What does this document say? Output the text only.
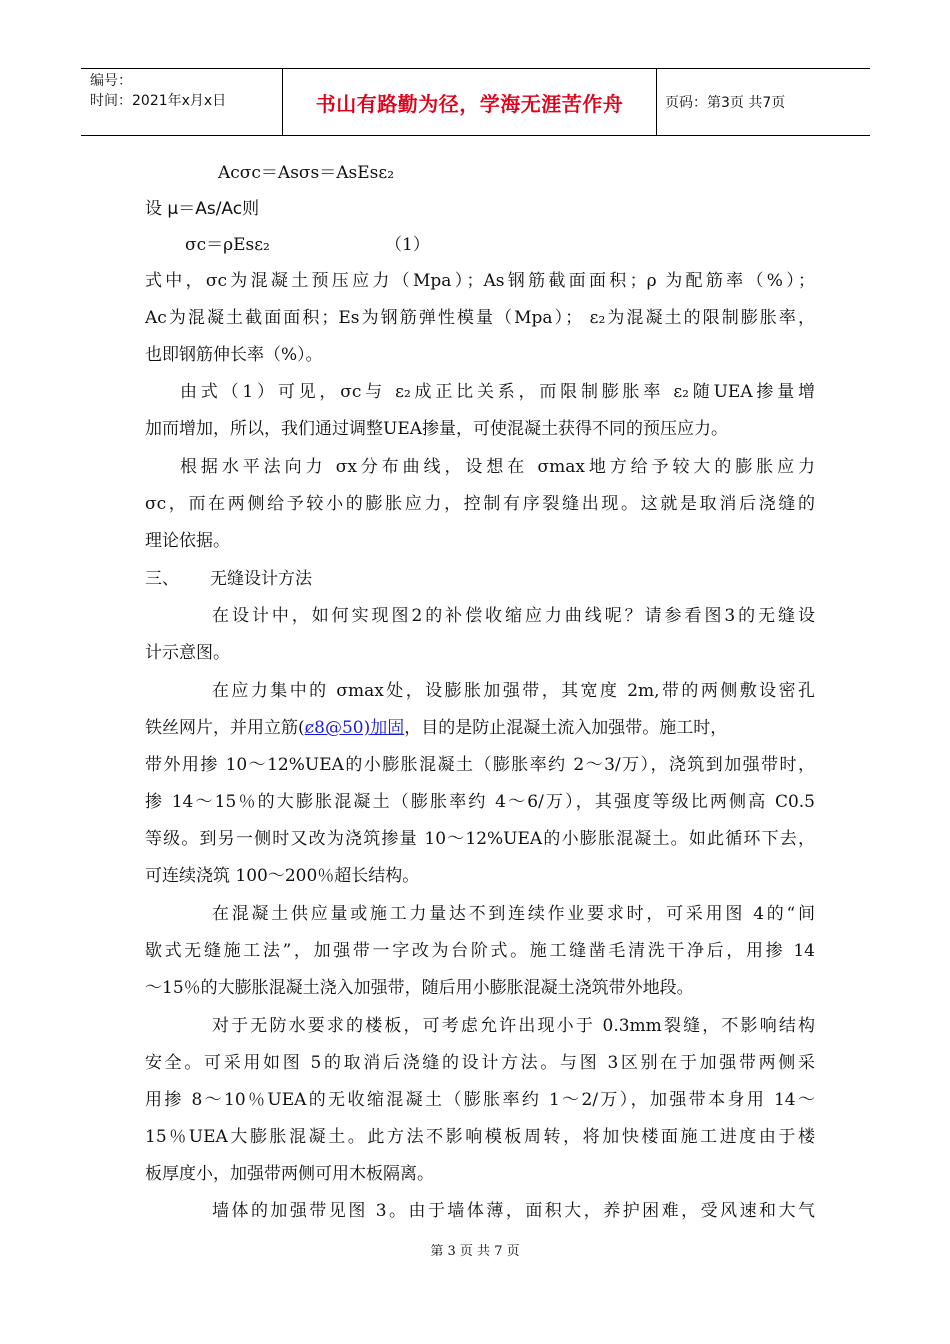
编号：
时间：2021年x月x日	书山有路勤为径，学海无涯苦作舟	页码：第3页 共7页
Acσc＝Asσs＝AsEsε₂
设 μ＝As/Ac则
σc＝ρEsε₂	（1）
式中，σc为混凝土预压应力（Mpa）；As钢筋截面面积；ρ 为配筋率（%）；
Ac为混凝土截面面积；Es为钢筋弹性模量（Mpa）； ε₂为混凝土的限制膨胀率，
也即钢筋伸长率（%）。
由式（1）可见，σc与 ε₂成正比关系，而限制膨胀率 ε₂随UEA掺量增
加而增加，所以，我们通过调整UEA掺量，可使混凝土获得不同的预压应力。
根据水平法向力 σx分布曲线，设想在 σmax地方给予较大的膨胀应力
σc，而在两侧给予较小的膨胀应力，控制有序裂缝出现。这就是取消后浇缝的
理论依据。
三、 无缝设计方法
在设计中，如何实现图2的补偿收缩应力曲线呢？请参看图3的无缝设
计示意图。
在应力集中的 σmax处，设膨胀加强带，其宽度 2m,带的两侧敷设密孔
铁丝网片，并用立筋(ȼ8@50)加固，目的是防止混凝土流入加强带。施工时，
带外用掺 10～12%UEA的小膨胀混凝土（膨胀率约 2～3/万），浇筑到加强带时，
掺 14～15％的大膨胀混凝土（膨胀率约 4～6/万），其强度等级比两侧高 C0.5
等级。到另一侧时又改为浇筑掺量 10～12%UEA的小膨胀混凝土。如此循环下去，
可连续浇筑 100～200％超长结构。
在混凝土供应量或施工力量达不到连续作业要求时，可采用图 4的“间
歇式无缝施工法”，加强带一字改为台阶式。施工缝凿毛清洗干净后，用掺 14
～15％的大膨胀混凝土浇入加强带，随后用小膨胀混凝土浇筑带外地段。
对于无防水要求的楼板，可考虑允许出现小于 0.3mm裂缝，不影响结构
安全。可采用如图 5的取消后浇缝的设计方法。与图 3区别在于加强带两侧采
用掺 8～10％UEA的无收缩混凝土（膨胀率约 1～2/万），加强带本身用 14～
15％UEA大膨胀混凝土。此方法不影响模板周转，将加快楼面施工进度由于楼
板厚度小，加强带两侧可用木板隔离。
墙体的加强带见图 3。由于墙体薄，面积大，养护困难，受风速和大气
第 3 页 共 7 页
